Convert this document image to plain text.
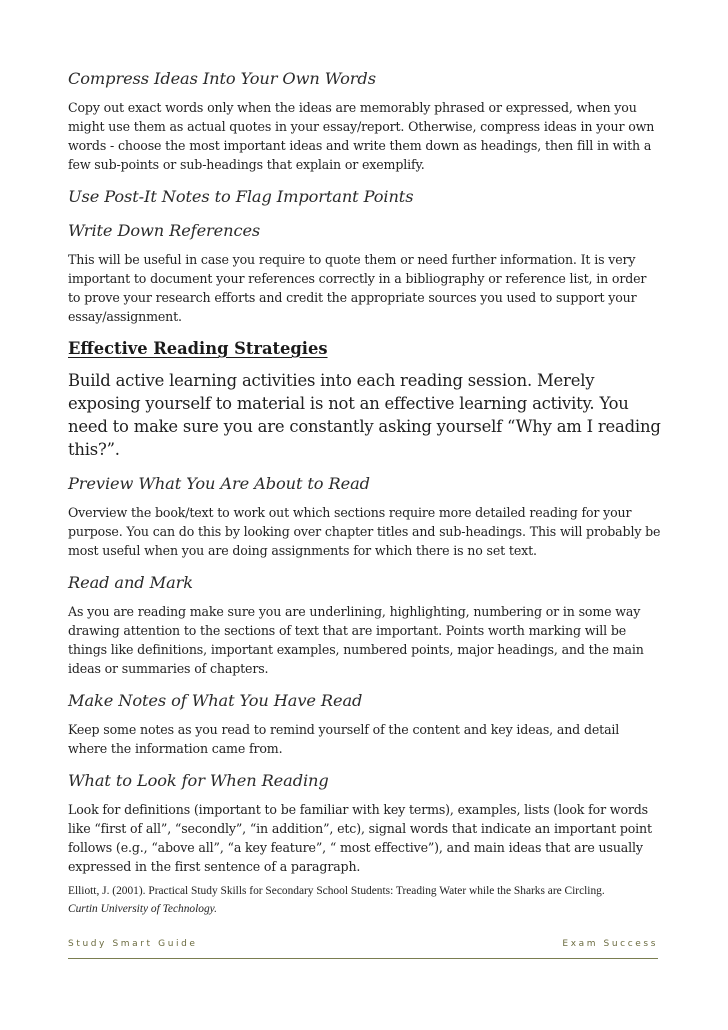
Compress Ideas Into Your Own Words

Copy out exact words only when the ideas are memorably phrased or expressed, when you might use them as actual quotes in your essay/report. Otherwise, compress ideas in your own words - choose the most important ideas and write them down as headings, then fill in with a few sub-points or sub-headings that explain or exemplify.

Use Post-It Notes to Flag Important Points
Write Down References

This will be useful in case you require to quote them or need further information. It is very important to document your references correctly in a bibliography or reference list, in order to prove your research efforts and credit the appropriate sources you used to support your essay/assignment.

Effective Reading Strategies

Build active learning activities into each reading session. Merely exposing yourself to material is not an effective learning activity. You need to make sure you are constantly asking yourself “Why am I reading this?”.

Preview What You Are About to Read

Overview the book/text to work out which sections require more detailed reading for your purpose. You can do this by looking over chapter titles and sub-headings. This will probably be most useful when you are doing assignments for which there is no set text.

Read and Mark

As you are reading make sure you are underlining, highlighting, numbering or in some way drawing attention to the sections of text that are important. Points worth marking will be things like definitions, important examples, numbered points, major headings, and the main ideas or summaries of chapters.

Make Notes of What You Have Read

Keep some notes as you read to remind yourself of the content and key ideas, and detail where the information came from.

What to Look for When Reading

Look for definitions (important to be familiar with key terms), examples, lists (look for words like “first of all”, “secondly”, “in addition”, etc), signal words that indicate an important point follows (e.g., “above all”, “a key feature”, “ most effective”), and main ideas that are usually expressed in the first sentence of a paragraph.

Elliott, J. (2001). Practical Study Skills for Secondary School Students: Treading Water while the Sharks are Circling.
Curtin University of Technology.

Study Smart Guide	Exam Success
